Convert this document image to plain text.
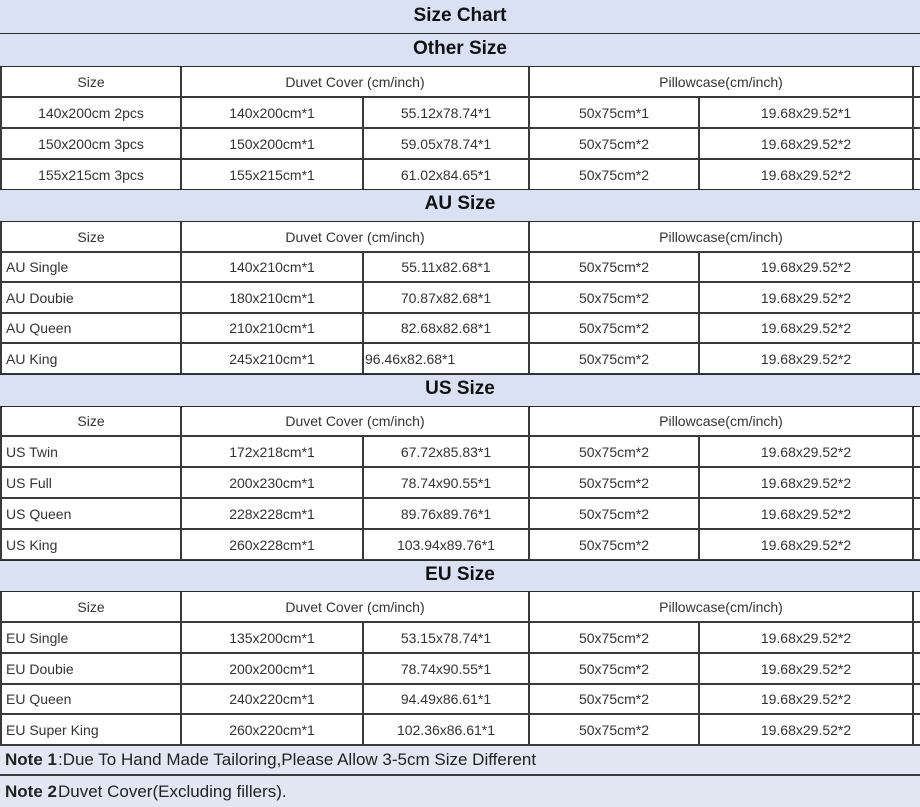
Size Chart
Other Size
Size	Duvet Cover (cm/inch)	Pillowcase(cm/inch)
140x200cm 2pcs	140x200cm*1	55.12x78.74*1	50x75cm*1	19.68x29.52*1
150x200cm 3pcs	150x200cm*1	59.05x78.74*1	50x75cm*2	19.68x29.52*2
155x215cm 3pcs	155x215cm*1	61.02x84.65*1	50x75cm*2	19.68x29.52*2
AU Size
Size	Duvet Cover (cm/inch)	Pillowcase(cm/inch)
AU Single	140x210cm*1	55.11x82.68*1	50x75cm*2	19.68x29.52*2
AU Doubie	180x210cm*1	70.87x82.68*1	50x75cm*2	19.68x29.52*2
AU Queen	210x210cm*1	82.68x82.68*1	50x75cm*2	19.68x29.52*2
AU King	245x210cm*1	96.46x82.68*1	50x75cm*2	19.68x29.52*2
US Size
Size	Duvet Cover (cm/inch)	Pillowcase(cm/inch)
US Twin	172x218cm*1	67.72x85.83*1	50x75cm*2	19.68x29.52*2
US Full	200x230cm*1	78.74x90.55*1	50x75cm*2	19.68x29.52*2
US Queen	228x228cm*1	89.76x89.76*1	50x75cm*2	19.68x29.52*2
US King	260x228cm*1	103.94x89.76*1	50x75cm*2	19.68x29.52*2
EU Size
Size	Duvet Cover (cm/inch)	Pillowcase(cm/inch)
EU Single	135x200cm*1	53.15x78.74*1	50x75cm*2	19.68x29.52*2
EU Doubie	200x200cm*1	78.74x90.55*1	50x75cm*2	19.68x29.52*2
EU Queen	240x220cm*1	94.49x86.61*1	50x75cm*2	19.68x29.52*2
EU Super King	260x220cm*1	102.36x86.61*1	50x75cm*2	19.68x29.52*2
Note 1 :Due To Hand Made Tailoring,Please Allow 3-5cm Size Different
Note 2 Duvet Cover(Excluding fillers).
